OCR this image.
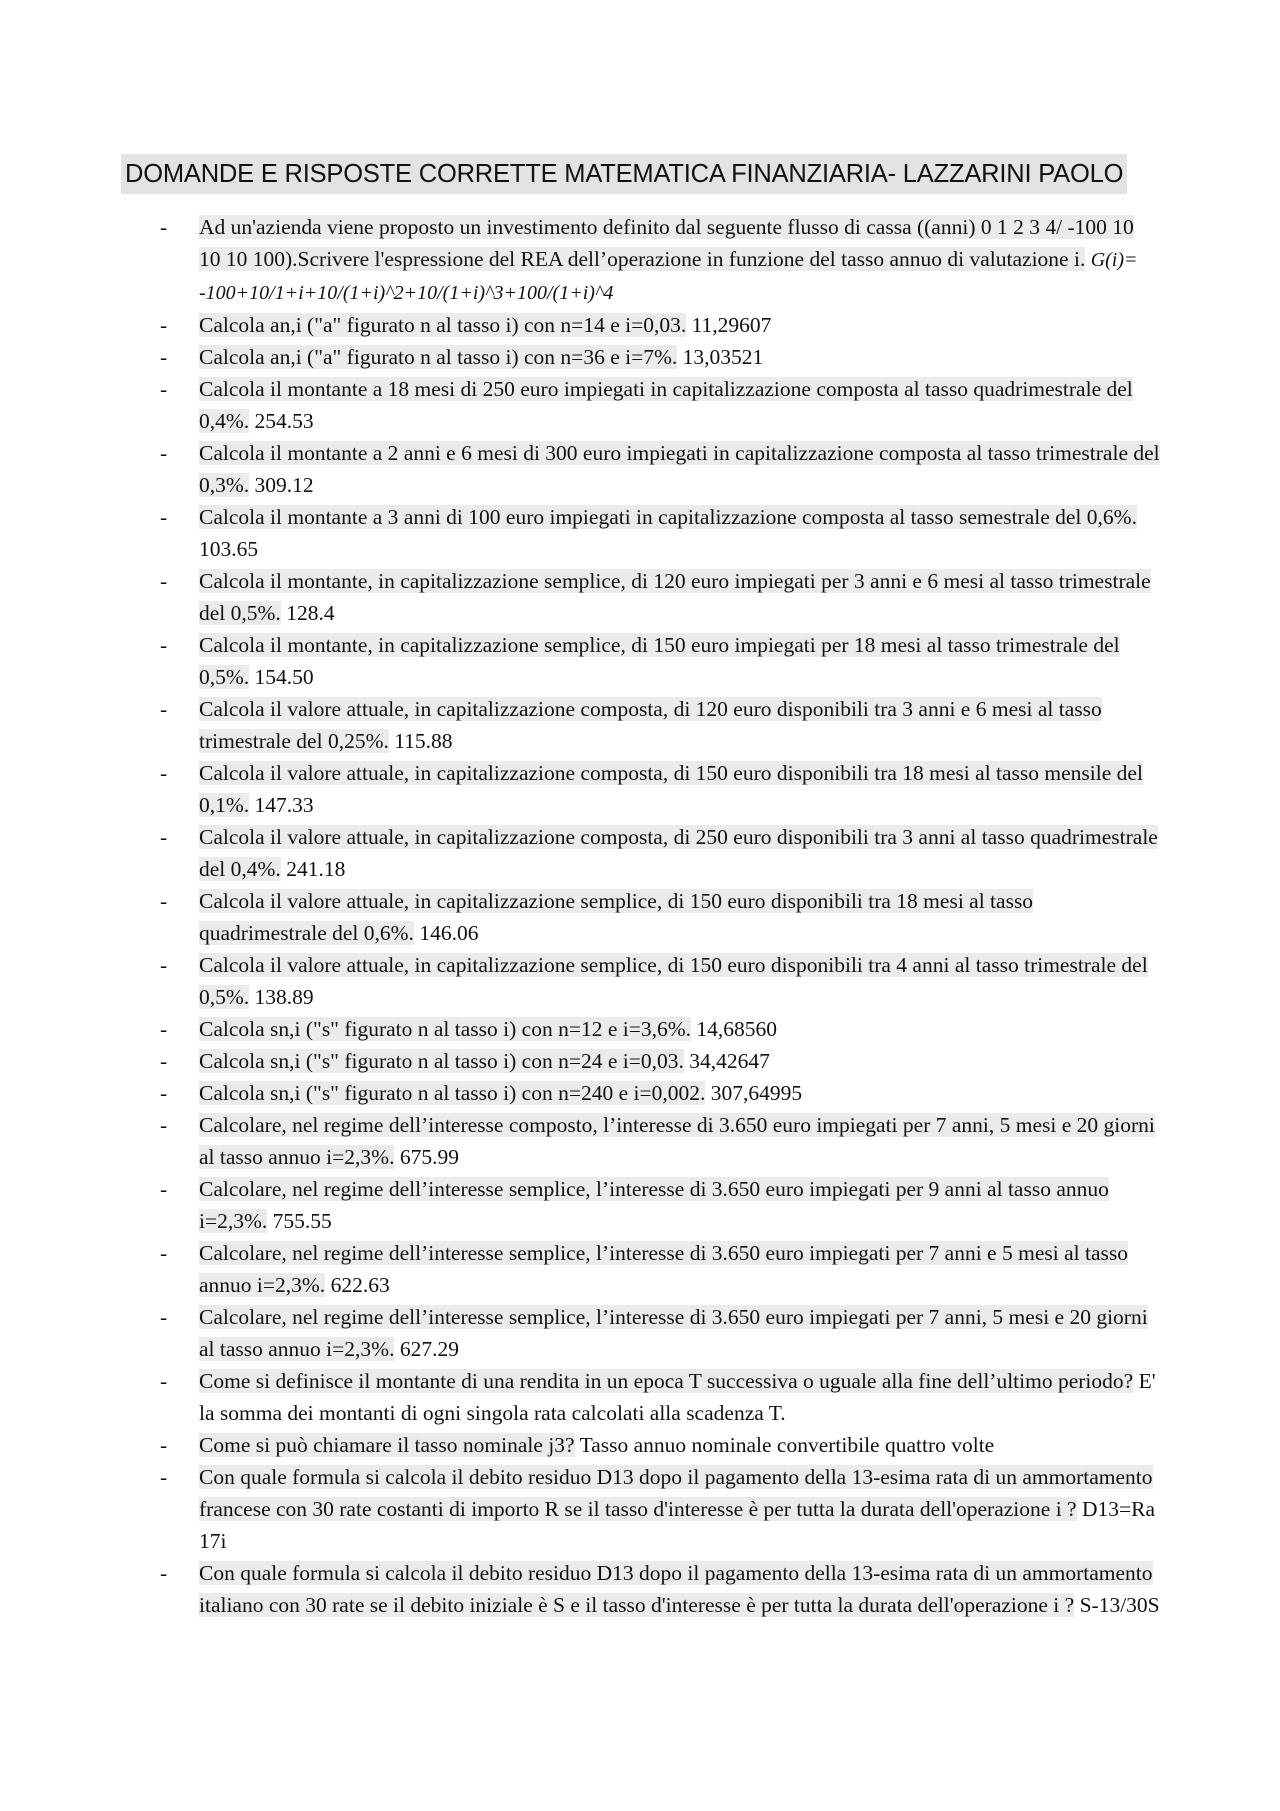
DOMANDE E RISPOSTE CORRETTE MATEMATICA FINANZIARIA- LAZZARINI PAOLO
- Ad un'azienda viene proposto un investimento definito dal seguente flusso di cassa ((anni) 0 1 2 3 4/ -100 10 10 10 100).Scrivere l'espressione del REA dell’operazione in funzione del tasso annuo di valutazione i. G(i)= -100+10/1+i+10/(1+i)^2+10/(1+i)^3+100/(1+i)^4
- Calcola an,i ("a" figurato n al tasso i) con n=14 e i=0,03. 11,29607
- Calcola an,i ("a" figurato n al tasso i) con n=36 e i=7%. 13,03521
- Calcola il montante a 18 mesi di 250 euro impiegati in capitalizzazione composta al tasso quadrimestrale del 0,4%. 254.53
- Calcola il montante a 2 anni e 6 mesi di 300 euro impiegati in capitalizzazione composta al tasso trimestrale del 0,3%. 309.12
- Calcola il montante a 3 anni di 100 euro impiegati in capitalizzazione composta al tasso semestrale del 0,6%. 103.65
- Calcola il montante, in capitalizzazione semplice, di 120 euro impiegati per 3 anni e 6 mesi al tasso trimestrale del 0,5%. 128.4
- Calcola il montante, in capitalizzazione semplice, di 150 euro impiegati per 18 mesi al tasso trimestrale del 0,5%. 154.50
- Calcola il valore attuale, in capitalizzazione composta, di 120 euro disponibili tra 3 anni e 6 mesi al tasso trimestrale del 0,25%. 115.88
- Calcola il valore attuale, in capitalizzazione composta, di 150 euro disponibili tra 18 mesi al tasso mensile del 0,1%. 147.33
- Calcola il valore attuale, in capitalizzazione composta, di 250 euro disponibili tra 3 anni al tasso quadrimestrale del 0,4%. 241.18
- Calcola il valore attuale, in capitalizzazione semplice, di 150 euro disponibili tra 18 mesi al tasso quadrimestrale del 0,6%. 146.06
- Calcola il valore attuale, in capitalizzazione semplice, di 150 euro disponibili tra 4 anni al tasso trimestrale del 0,5%. 138.89
- Calcola sn,i ("s" figurato n al tasso i) con n=12 e i=3,6%. 14,68560
- Calcola sn,i ("s" figurato n al tasso i) con n=24 e i=0,03. 34,42647
- Calcola sn,i ("s" figurato n al tasso i) con n=240 e i=0,002. 307,64995
- Calcolare, nel regime dell’interesse composto, l’interesse di 3.650 euro impiegati per 7 anni, 5 mesi e 20 giorni al tasso annuo i=2,3%. 675.99
- Calcolare, nel regime dell’interesse semplice, l’interesse di 3.650 euro impiegati per 9 anni al tasso annuo i=2,3%. 755.55
- Calcolare, nel regime dell’interesse semplice, l’interesse di 3.650 euro impiegati per 7 anni e 5 mesi al tasso annuo i=2,3%. 622.63
- Calcolare, nel regime dell’interesse semplice, l’interesse di 3.650 euro impiegati per 7 anni, 5 mesi e 20 giorni al tasso annuo i=2,3%. 627.29
- Come si definisce il montante di una rendita in un epoca T successiva o uguale alla fine dell’ultimo periodo? E' la somma dei montanti di ogni singola rata calcolati alla scadenza T.
- Come si può chiamare il tasso nominale j3? Tasso annuo nominale convertibile quattro volte
- Con quale formula si calcola il debito residuo D13 dopo il pagamento della 13-esima rata di un ammortamento francese con 30 rate costanti di importo R se il tasso d'interesse è per tutta la durata dell'operazione i ? D13=Ra 17i
- Con quale formula si calcola il debito residuo D13 dopo il pagamento della 13-esima rata di un ammortamento italiano con 30 rate se il debito iniziale è S e il tasso d'interesse è per tutta la durata dell'operazione i ? S-13/30S
